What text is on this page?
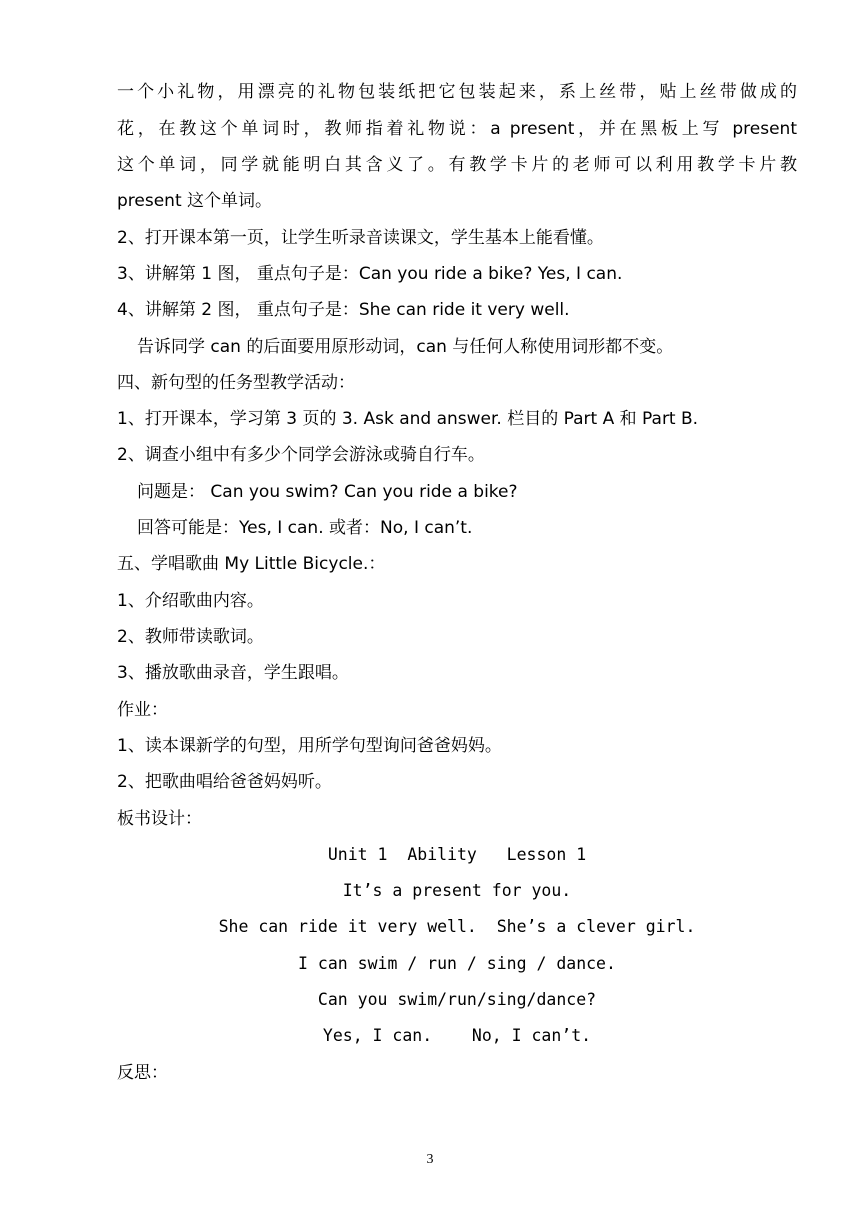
一个小礼物，用漂亮的礼物包装纸把它包装起来，系上丝带，贴上丝带做成的
花，在教这个单词时，教师指着礼物说：a present，并在黑板上写 present
这个单词，同学就能明白其含义了。有教学卡片的老师可以利用教学卡片教
present 这个单词。
2、打开课本第一页，让学生听录音读课文，学生基本上能看懂。
3、讲解第 1 图， 重点句子是：Can you ride a bike? Yes, I can.
4、讲解第 2 图， 重点句子是：She can ride it very well.
告诉同学 can 的后面要用原形动词，can 与任何人称使用词形都不变。
四、新句型的任务型教学活动：
1、打开课本，学习第 3 页的 3. Ask and answer. 栏目的 Part A 和 Part B.
2、调查小组中有多少个同学会游泳或骑自行车。
问题是： Can you swim? Can you ride a bike?
回答可能是：Yes, I can. 或者：No, I can’t.
五、学唱歌曲 My Little Bicycle.：
1、介绍歌曲内容。
2、教师带读歌词。
3、播放歌曲录音，学生跟唱。
作业：
1、读本课新学的句型，用所学句型询问爸爸妈妈。
2、把歌曲唱给爸爸妈妈听。
板书设计：
Unit 1  Ability   Lesson 1
It’s a present for you.
She can ride it very well.  She’s a clever girl.
I can swim / run / sing / dance.
Can you swim/run/sing/dance?
Yes, I can.    No, I can’t.
反思：
3
